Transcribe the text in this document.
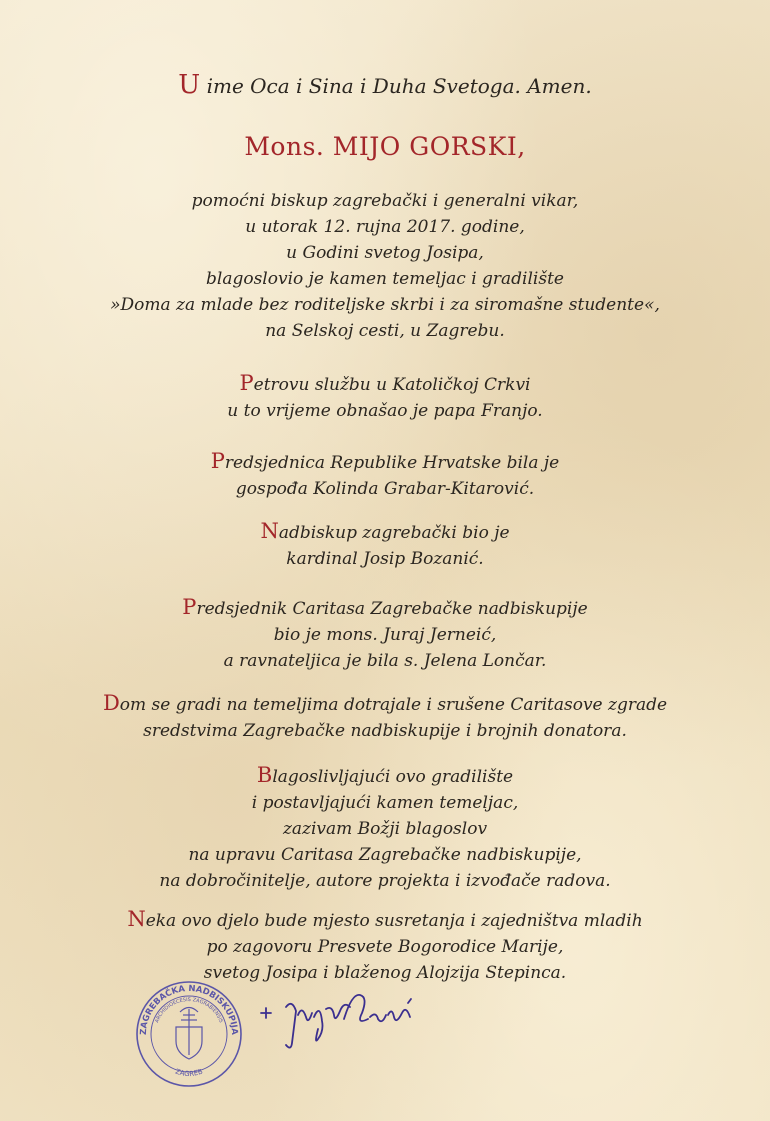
U ime Oca i Sina i Duha Svetoga. Amen.
Mons. MIJO GORSKI,
pomoćni biskup zagrebački i generalni vikar,
u utorak 12. rujna 2017. godine,
u Godini svetog Josipa,
blagoslovio je kamen temeljac i gradilište
»Doma za mlade bez roditeljske skrbi i za siromašne studente«,
na Selskoj cesti, u Zagrebu.
Petrovu službu u Katoličkoj Crkvi
u to vrijeme obnašao je papa Franjo.
Predsjednica Republike Hrvatske bila je
gospođa Kolinda Grabar-Kitarović.
Nadbiskup zagrebački bio je
kardinal Josip Bozanić.
Predsjednik Caritasa Zagrebačke nadbiskupije
bio je mons. Juraj Jerneić,
a ravnateljica je bila s. Jelena Lončar.
Dom se gradi na temeljima dotrajale i srušene Caritasove zgrade
sredstvima Zagrebačke nadbiskupije i brojnih donatora.
Blagoslivljajući ovo gradilište
i postavljajući kamen temeljac,
zazivam Božji blagoslov
na upravu Caritasa Zagrebačke nadbiskupije,
na dobročinitelje, autore projekta i izvođače radova.
Neka ovo djelo bude mjesto susretanja i zajedništva mladih
po zagovoru Presvete Bogorodice Marije,
svetog Josipa i blaženog Alojzija Stepinca.
ZAGREBAČKA NADBISKUPIJA
ARCHIDIOECESIS ZAGRABIENSIS
ZAGREB
